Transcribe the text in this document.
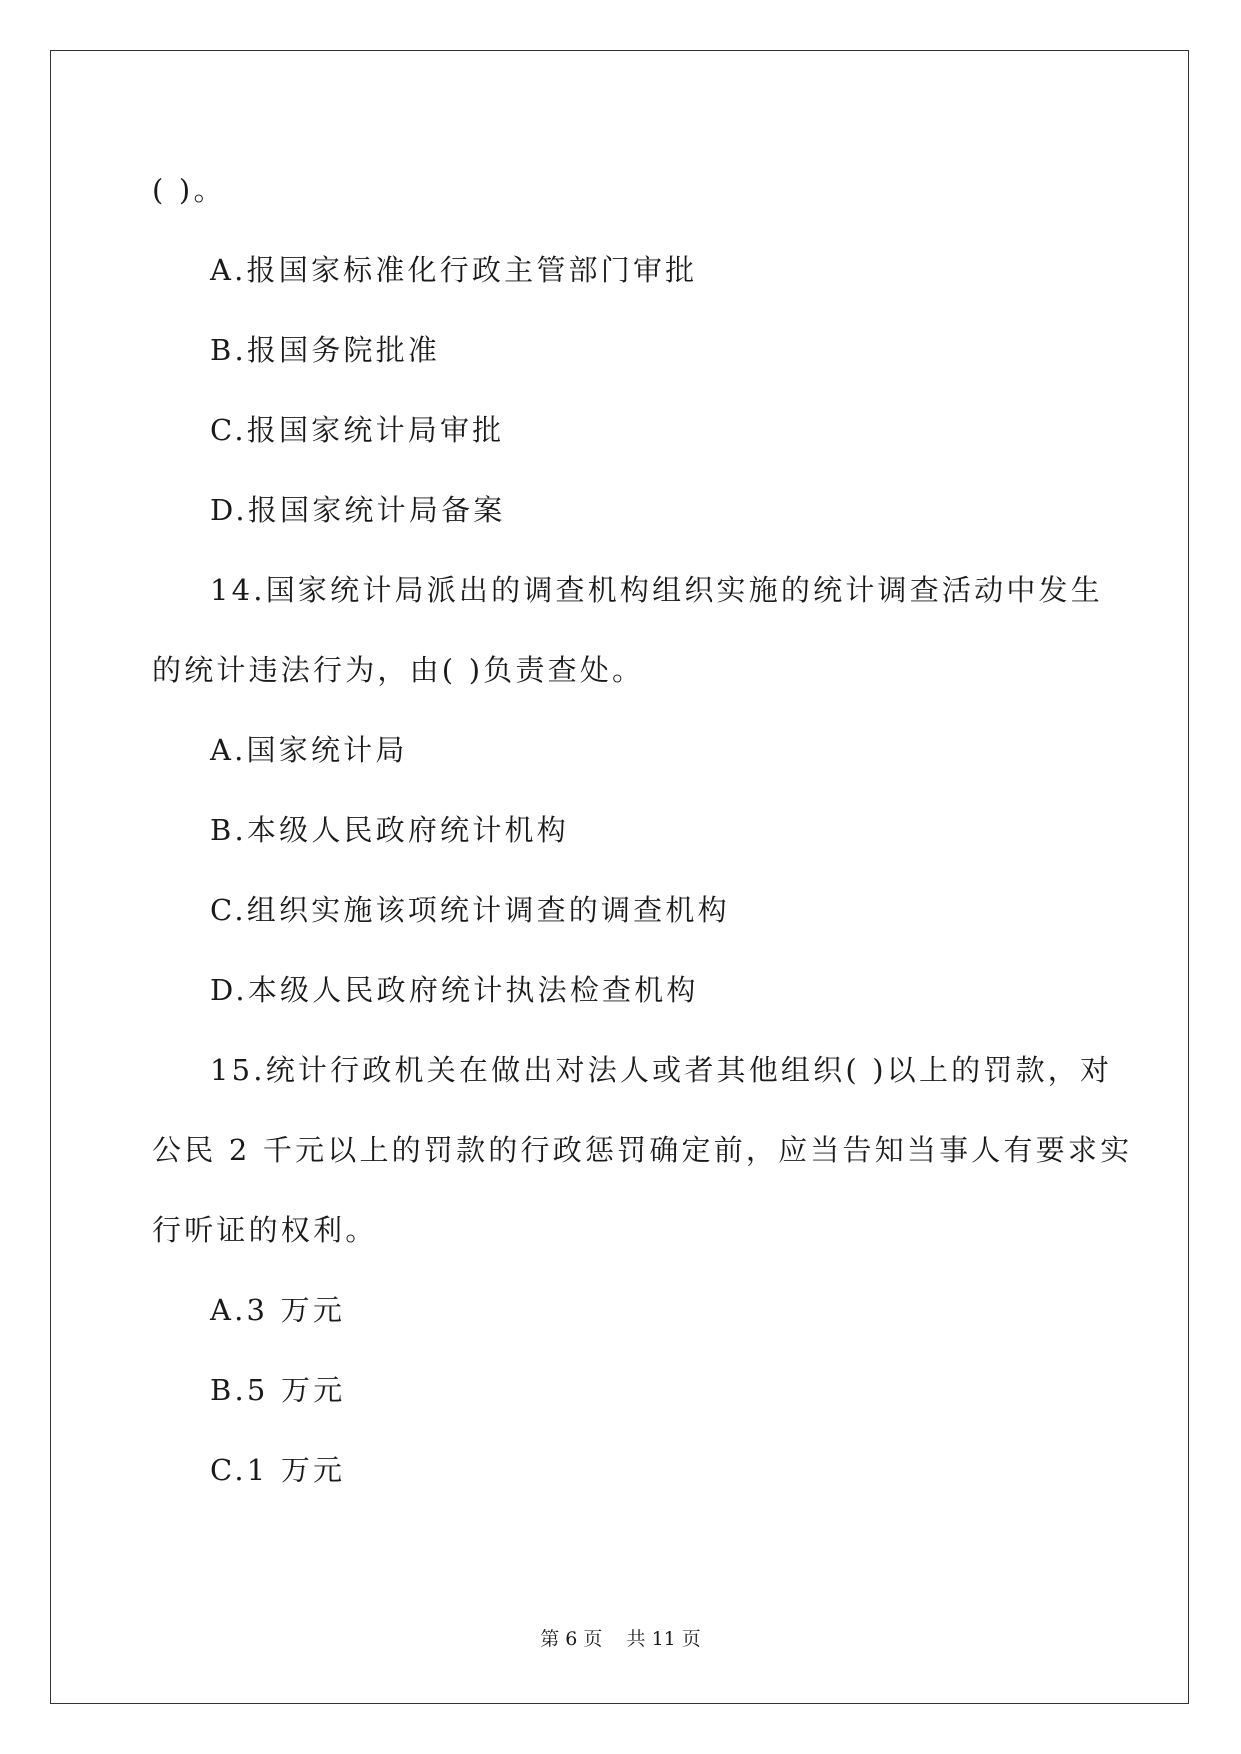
( )。
A.报国家标准化行政主管部门审批
B.报国务院批准
C.报国家统计局审批
D.报国家统计局备案
14.国家统计局派出的调查机构组织实施的统计调查活动中发生
的统计违法行为，由( )负责查处。
A.国家统计局
B.本级人民政府统计机构
C.组织实施该项统计调查的调查机构
D.本级人民政府统计执法检查机构
15.统计行政机关在做出对法人或者其他组织( )以上的罚款，对
公民 2 千元以上的罚款的行政惩罚确定前，应当告知当事人有要求实
行听证的权利。
A.3 万元
B.5 万元
C.1 万元
第 6 页    共 11 页
